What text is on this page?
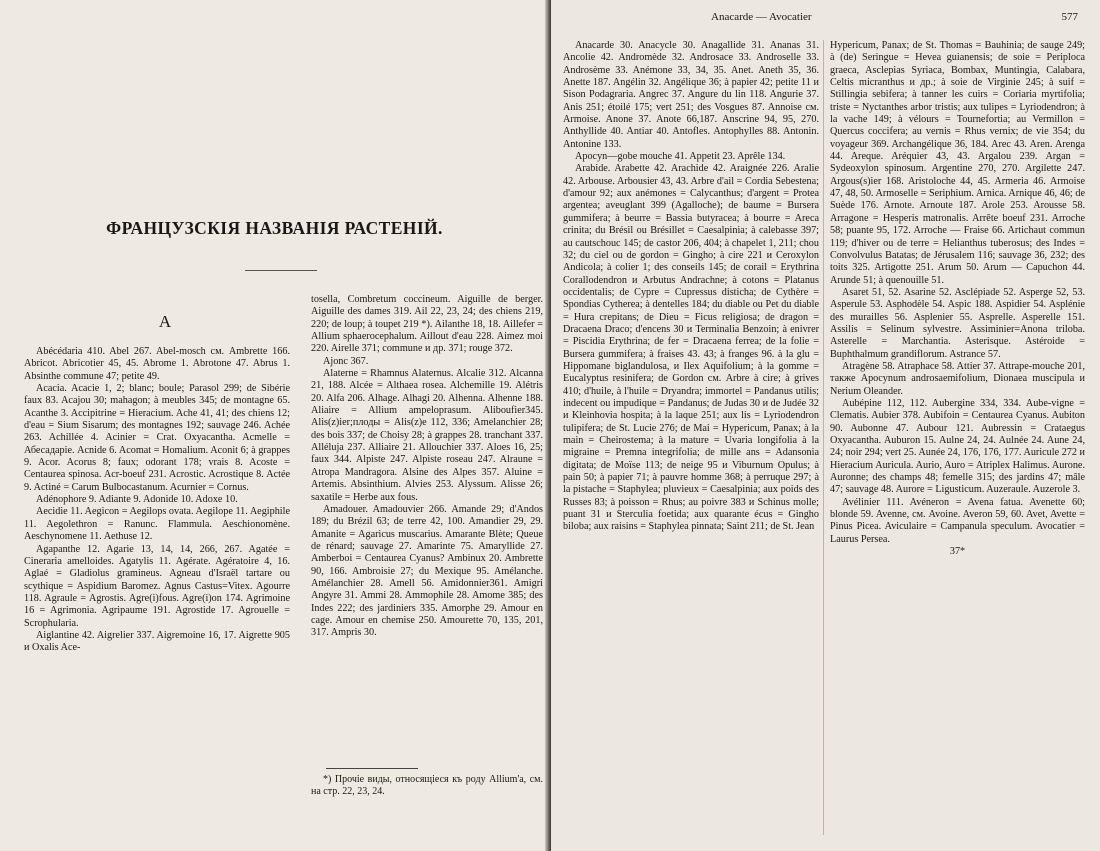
ФРАНЦУЗСКІЯ НАЗВАНІЯ РАСТЕНІЙ.
A

Abécédaria 410. Abel 267. Abel-mosch см. Ambrette 166. Abricot. Abricotier 45, 45. Abrome 1. Abrotone 47. Abrus 1. Absinthe commune 47; petite 49.

Acacia. Acacie 1, 2; blanc; boule; Parasol 299; de Sibérie faux 83. Acajou 30; mahagon; à meubles 345; de montagne 65. Acanthe 3. Accipitrine = Hieracium. Ache 41, 41; des chiens 12; d'eau = Sium Sisarum; des montagnes 192; sauvage 246. Achée 263. Achillée 4. Acinier = Crat. Oxyacantha. Acmelle = Абесадаріе. Acnide 6. Acomat = Homalium. Aconit 6; à grappes 9. Acor. Acorus 8; faux; odorant 178; vrais 8. Acoste = Centaurea spinosa. Acr-boeuf 231. Acrostic. Acrostique 8. Actée 9. Actiné = Carum Bulbocastanum. Acurnier = Cornus.

Adénophore 9. Adiante 9. Adonide 10. Adoxe 10.

Aecidie 11. Aegicon = Aegilops ovata. Aegilope 11. Aegiphile 11. Aegolethron = Ranunc. Flammula. Aeschionomène. Aeschynomene 11. Aethuse 12.

Agapanthe 12. Agarie 13, 14, 14, 266, 267. Agatée = Cineraria amelloides. Agatylis 11. Agérate. Agératoire 4, 16. Aglaé = Gladiolus gramineus. Agneau d'Israël tartare ou scythique = Aspidium Baromez. Agnus Castus=Vitex. Agourre 118. Agraule = Agrostis. Agre(i)fous. Agre(i)on 174. Agrimoine 16 = Agrimonia. Agripaume 191. Agrostide 17. Agrouelle = Scrophularia.

Aiglantine 42. Aigrelier 337. Aigremoine 16, 17. Aigrette 905 и Oxalis Ace-

tosella, Combretum coccineum. Aiguille de berger. Aiguille des dames 319. Ail 22, 23, 24; des chiens 219, 220; de loup; à toupet 219 *). Ailanthe 18, 18. Aillefer = Allium sphaerocephalum. Aillout d'eau 228. Aimez moi 220. Airelle 371; commune и др. 371; rouge 372.

Ajonc 367.

Alaterne = Rhamnus Alaternus. Alcalie 312. Alcanna 21, 188. Alcée = Althaea rosea. Alchemille 19. Alétris 20. Alfa 206. Alhage. Alhagi 20. Alhenna. Alhenne 188. Aliaire = Allium ampeloprasum. Aliboufier345. Alis(z)ier;плоды = Alis(z)e 112, 336; Amelanchier 28; des bois 337; de Choisy 28; à grappes 28. tranchant 337. Alléluja 237. Alliaire 21. Allouchier 337. Aloes 16, 25; faux 344. Alpiste 247. Alpiste roseau 247. Alraune = Atropa Mandragora. Alsine des Alpes 357. Aluine = Artemis. Absinthium. Alvies 253. Alyssum. Alisse 26; saxatile = Herbe aux fous.

Amadouer. Amadouvier 266. Amande 29; d'Andos 189; du Brézil 63; de terre 42, 100. Amandier 29, 29. Amanite = Agaricus muscarius. Amarante Blète; Queue de rénard; sauvage 27. Amarinte 75. Amaryllide 27. Amberboi = Centaurea Cyanus? Ambinux 20. Ambrette 90, 166. Ambroisie 27; du Mexique 95. Amélanche. Amélanchier 28. Amell 56. Amidonnier361. Amigri Angyre 31. Ammi 28. Ammophile 28. Amome 385; des Indes 222; des jardiniers 335. Amorphe 29. Amour en cage. Amour en chemise 250. Amourette 70, 135, 201, 317. Ampris 30.

*) Прочіе виды, относящіеся къ роду Allium'a, см. на стр. 22, 23, 24.
Anacarde — Avocatier	577

Anacarde 30. Anacycle 30. Anagallide 31. Ananas 31. Ancolie 42. Andromède 32. Androsace 33. Androselle 33. Androsème 33. Anémone 33, 34, 35. Anet. Aneth 35, 36. Anette 187. Angélin 32. Angélique 36; à papier 42; petite 11 и Sison Podagraria. Angrec 37. Angure du lin 118. Angurie 37. Anis 251; étoilé 175; vert 251; des Vosgues 87. Annoise см. Armoise. Anone 37. Anote 66,187. Anscrine 94, 95, 270. Anthyllide 40. Antiar 40. Antofles. Antophylles 88. Antonin. Antonine 133.

Apocyn—gobe mouche 41. Appetit 23. Aprêle 134.

Arabide. Arabette 42. Arachide 42. Araignée 226. Aralie 42. Arbouse. Arbousier 43, 43. Arbre d'ail = Cordia Sebestena; d'amour 92; aux anémones = Calycanthus; d'argent = Protea argentea; aveuglant 399 (Agalloche); de baume = Bursera gummifera; à beurre = Bassia butyracea; à bourre = Areca crinita; du Brésil ou Brésillet = Caesalpinia; à calebasse 397; au cautschouc 145; de castor 206, 404; à chapelet 1, 211; chou 32; du ciel ou de gordon = Gingho; à cire 221 и Ceroxylon Andicola; à colier 1; des conseils 145; de corail = Erythrina Corallodendron и Arbutus Andrachne; à cotons = Platanus occidentalis; de Cypre = Cupressus disticha; de Cythère = Spondias Cytherea; à dentelles 184; du diable ou Pet du diable = Hura crepitans; de Dieu = Ficus religiosa; de dragon = Dracaena Draco; d'encens 30 и Terminalia Benzoin; à enivrer = Piscidia Erythrina; de fer = Dracaena ferrea; de la folie = Bursera gummifera; à fraises 43. 43; à franges 96. à la glu = Hippomane biglandulosa, и Ilex Aquifolium; à la gomme = Eucalyptus resinifera; de Gordon см. Arbre à cire; à grives 410; d'huile, à l'huile = Dryandra; immortel = Pandanus utilis; indecent ou impudique = Pandanus; de Judas 30 и de Judée 32 и Kleinhovia hospita; à la laque 251; aux lis = Lyriodendron tulipifera; de St. Lucie 276; de Mai = Hypericum, Panax; à la main = Cheirostema; à la mature = Uvaria longifolia à la migraine = Premna integrifolia; de mille ans = Adansonia digitata; de Moïse 113; de neige 95 и Viburnum Opulus; à pain 50; à papier 71; à pauvre homme 368; à perruque 297; à la pistache = Staphylea; pluvieux = Caesalpinia; aux poids des Russes 83; à poisson = Rhus; au poivre 383 и Schinus molle; puant 31 и Sterculia foetida; aux quarante écus = Gingho biloba; aux raisins = Staphylea pinnata; Saint 211; de St. Jean

Hypericum, Panax; de St. Thomas = Bauhinia; de sauge 249; à (de) Seringue = Hevea guianensis; de soie = Periploca graeca, Asclepias Syriaca, Bombax, Muntingia, Calabara, Celtis micranthus и др.; à soie de Virginie 245; à suif = Stillingia sebifera; à tanner les cuirs = Coriaria myrtifolia; triste = Nyctanthes arbor tristis; aux tulipes = Lyriodendron; à la vache 149; à vélours = Tournefortia; au Vermillon = Quercus coccifera; au vernis = Rhus vernix; de vie 354; du voyageur 369. Archangélique 36, 184. Arec 43. Aren. Arenga 44. Areque. Aréquier 43, 43. Argalou 239. Argan = Sydeoxylon spinosum. Argentine 270, 270. Argilette 247. Argous(s)ier 168. Aristoloche 44, 45. Armeria 46. Armoise 47, 48, 50. Armoselle = Seriphium. Arnica. Arnique 46, 46; de Suède 176. Arnote. Arnoute 187. Arole 253. Arousse 58. Arragone = Hesperis matronalis. Arrête boeuf 231. Arroche 58; puante 95, 172. Arroche — Fraise 66. Artichaut commun 119; d'hiver ou de terre = Helianthus tuberosus; des Indes = Convolvulus Batatas; de Jérusalem 116; sauvage 36, 232; des toits 325. Artigotte 251. Arum 50. Arum — Capuchon 44. Arunde 51; à quenouille 51.

Asaret 51, 52. Asarine 52. Asclépiade 52. Asperge 52, 53. Asperule 53. Asphodèle 54. Aspic 188. Aspidier 54. Asplénie des murailles 56. Asplenier 55. Asprelle. Asperelle 151. Assilis = Selinum sylvestre. Assiminier=Anona triloba. Asterelle = Marchantia. Asterisque. Astéroide = Buphthalmum grandiflorum. Astrance 57.

Atragène 58. Atraphace 58. Attier 37. Attrape-mouche 201, также Apocynum androsaemifolium, Dionaea muscipula и Nerium Oleander.

Aubépine 112, 112. Aubergine 334, 334. Aube-vigne = Clematis. Aubier 378. Aubifoin = Centaurea Cyanus. Aubiton 90. Aubonne 47. Aubour 121. Aubressin = Crataegus Oxyacantha. Auburon 15. Aulne 24, 24. Aulnée 24. Aune 24, 24; noir 294; vert 25. Aunée 24, 176, 176, 177. Auricule 272 и Hieracium Auricula. Aurio, Auro = Atriplex Halimus. Aurone. Auronne; des champs 48; femelle 315; des jardins 47; mâle 47; sauvage 48. Aurore = Ligusticum. Auzeraule. Auzerole 3.

Avélinier 111. Avéneron = Avena fatua. Avenette 60; blonde 59. Avenne, см. Avoine. Averon 59, 60. Avet, Avette = Pinus Picea. Aviculaire = Campanula speculum. Avocatier = Laurus Persea.

37*
